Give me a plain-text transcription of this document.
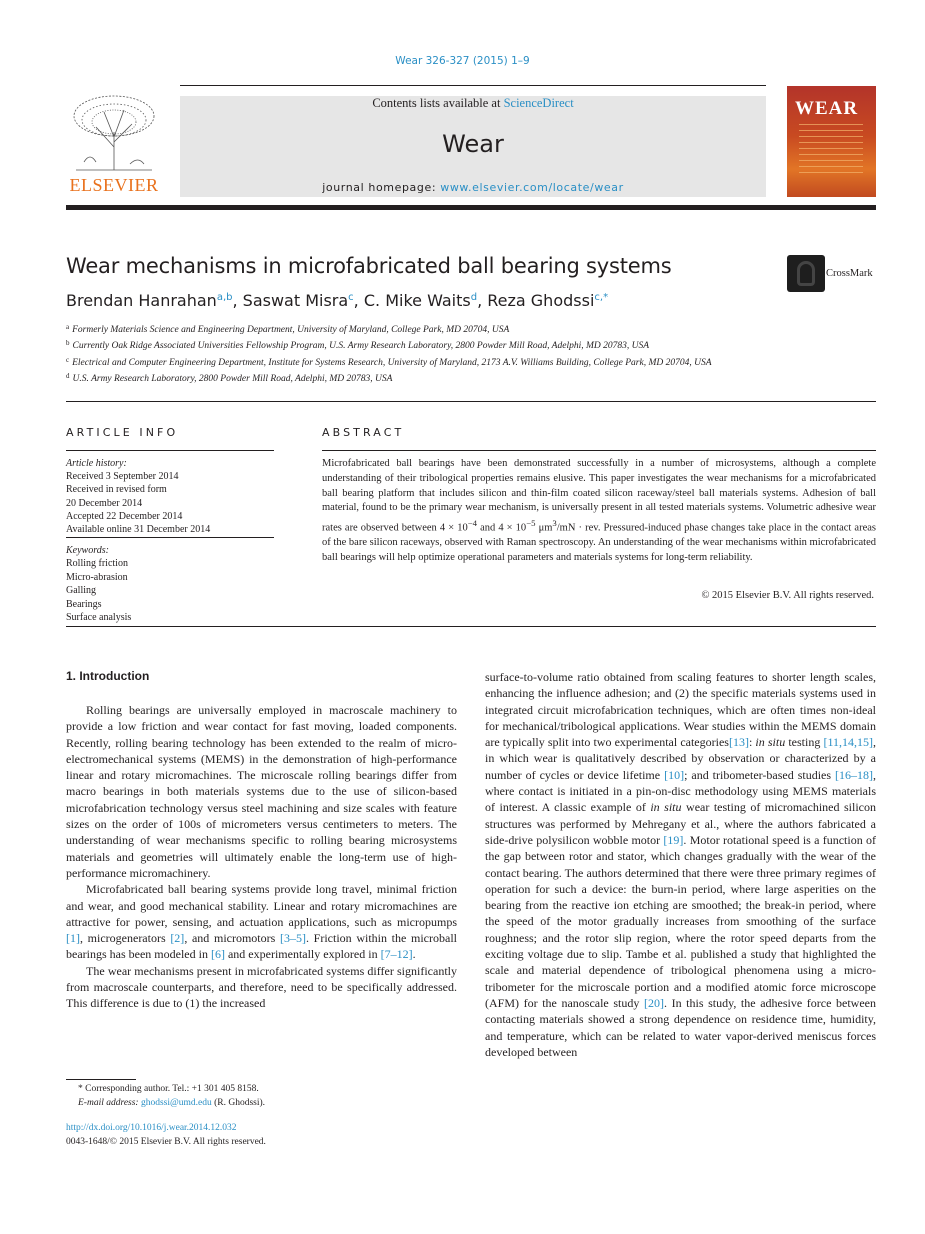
Wear 326-327 (2015) 1–9
ELSEVIER
Contents lists available at ScienceDirect
Wear
journal homepage: www.elsevier.com/locate/wear
WEAR
Wear mechanisms in microfabricated ball bearing systems	CrossMark
Brendan Hanrahan$^{a,b}$, Saswat Misra$^c$, C. Mike Waits$^d$, Reza Ghodssi$^{c,*}$
$^a$ Formerly Materials Science and Engineering Department, University of Maryland, College Park, MD 20704, USA
$^b$ Currently Oak Ridge Associated Universities Fellowship Program, U.S. Army Research Laboratory, 2800 Powder Mill Road, Adelphi, MD 20783, USA
$^c$ Electrical and Computer Engineering Department, Institute for Systems Research, University of Maryland, 2173 A.V. Williams Building, College Park, MD 20704, USA
$^d$ U.S. Army Research Laboratory, 2800 Powder Mill Road, Adelphi, MD 20783, USA
ARTICLE INFO	ABSTRACT
Article history:
Received 3 September 2014
Received in revised form
20 December 2014
Accepted 22 December 2014
Available online 31 December 2014
Keywords:
Rolling friction
Micro-abrasion
Galling
Bearings
Surface analysis
Microfabricated ball bearings have been demonstrated successfully in a number of microsystems, although a complete understanding of their tribological properties remains elusive. This paper investigates the wear mechanisms for a microfabricated ball bearing platform that includes silicon and thin-film coated silicon raceway/steel ball materials systems. Adhesion of ball material, found to be the primary wear mechanism, is universally present in all tested materials systems. Volumetric adhesive wear rates are observed between $4 \times 10^{-4}$ and $4 \times 10^{-5}$ $\mu m^3/mN$ · rev. Pressured-induced phase changes take place in the contact areas of the bare silicon raceways, observed with Raman spectroscopy. An understanding of the wear mechanisms within microfabricated ball bearings will help optimize operational parameters and materials systems for long-term reliability.
© 2015 Elsevier B.V. All rights reserved.
1. Introduction

Rolling bearings are universally employed in macroscale machinery to provide a low friction and wear contact for fast moving, loaded components. Recently, rolling bearing technology has been extended to the realm of micro-electromechanical systems (MEMS) in the demonstration of high-performance linear and rotary micromachines. The microscale rolling bearings differ from macro bearings in both materials systems due to the use of silicon-based microfabrication technology versus steel machining and size scales with feature sizes on the order of 100s of micrometers versus centimeters to meters. The understanding of wear mechanisms specific to rolling bearing microsystems materials and geometries will ultimately enable the long-term use of high-performance micromachinery.

Microfabricated ball bearing systems provide long travel, minimal friction and wear, and good mechanical stability. Linear and rotary micromachines are attractive for power, sensing, and actuation applications, such as micropumps [1], microgenerators [2], and micromotors [3–5]. Friction within the microball bearings has been modeled in [6] and experimentally explored in [7–12].

The wear mechanisms present in microfabricated systems differ significantly from macroscale counterparts, and therefore, need to be specifically addressed. This difference is due to (1) the increased

surface-to-volume ratio obtained from scaling features to shorter length scales, enhancing the influence adhesion; and (2) the specific materials systems used in integrated circuit microfabrication techniques, which are often times non-ideal for mechanical/tribological applications. Wear studies within the MEMS domain are typically split into two experimental categories[13]: in situ testing [11,14,15], in which wear is qualitatively described by observation or characterized by a number of cycles or device lifetime [10]; and tribometer-based studies [16–18], where contact is initiated in a pin-on-disc methodology using MEMS materials of interest. A classic example of in situ wear testing of micromachined silicon structures was performed by Mehregany et al., where the authors fabricated a side-drive polysilicon wobble motor [19]. Motor rotational speed is a function of the gap between rotor and stator, which changes gradually with the wear of the contact bearing. The authors determined that there were three primary regimes of operation for such a device: the burn-in period, where large asperities on the bearing from the reactive ion etching are smoothed; the break-in period, where the speed of the motor gradually increases from smoothing of the surface roughness; and the rotor slip region, where the rotor speed departs from the exciting voltage due to slip. Tambe et al. published a study that highlighted the scale and material dependence of tribological phenomena using a micro-tribometer for the microscale portion and a modified atomic force microscope (AFM) for the nanoscale study [20]. In this study, the adhesive force between contacting materials showed a strong dependence on residence time, humidity, and temperature, which can be related to water vapor-derived meniscus forces developed between

* Corresponding author. Tel.: +1 301 405 8158.
E-mail address: ghodssi@umd.edu (R. Ghodssi).
http://dx.doi.org/10.1016/j.wear.2014.12.032
0043-1648/© 2015 Elsevier B.V. All rights reserved.
